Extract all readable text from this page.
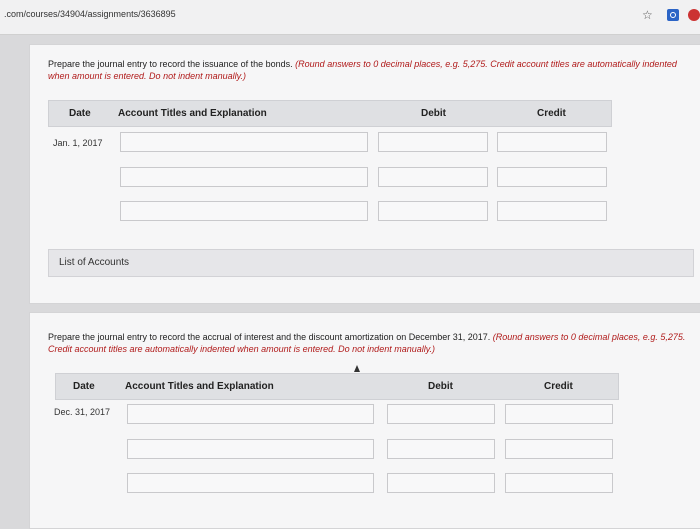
.com/courses/34904/assignments/3636895	☆
Prepare the journal entry to record the issuance of the bonds. (Round answers to 0 decimal places, e.g. 5,275. Credit account titles are automatically indented when amount is entered. Do not indent manually.)
Date	Account Titles and Explanation	Debit	Credit
Jan. 1, 2017
List of Accounts
Prepare the journal entry to record the accrual of interest and the discount amortization on December 31, 2017. (Round answers to 0 decimal places, e.g. 5,275. Credit account titles are automatically indented when amount is entered. Do not indent manually.)
Date	Account Titles and Explanation	Debit	Credit
Dec. 31, 2017
